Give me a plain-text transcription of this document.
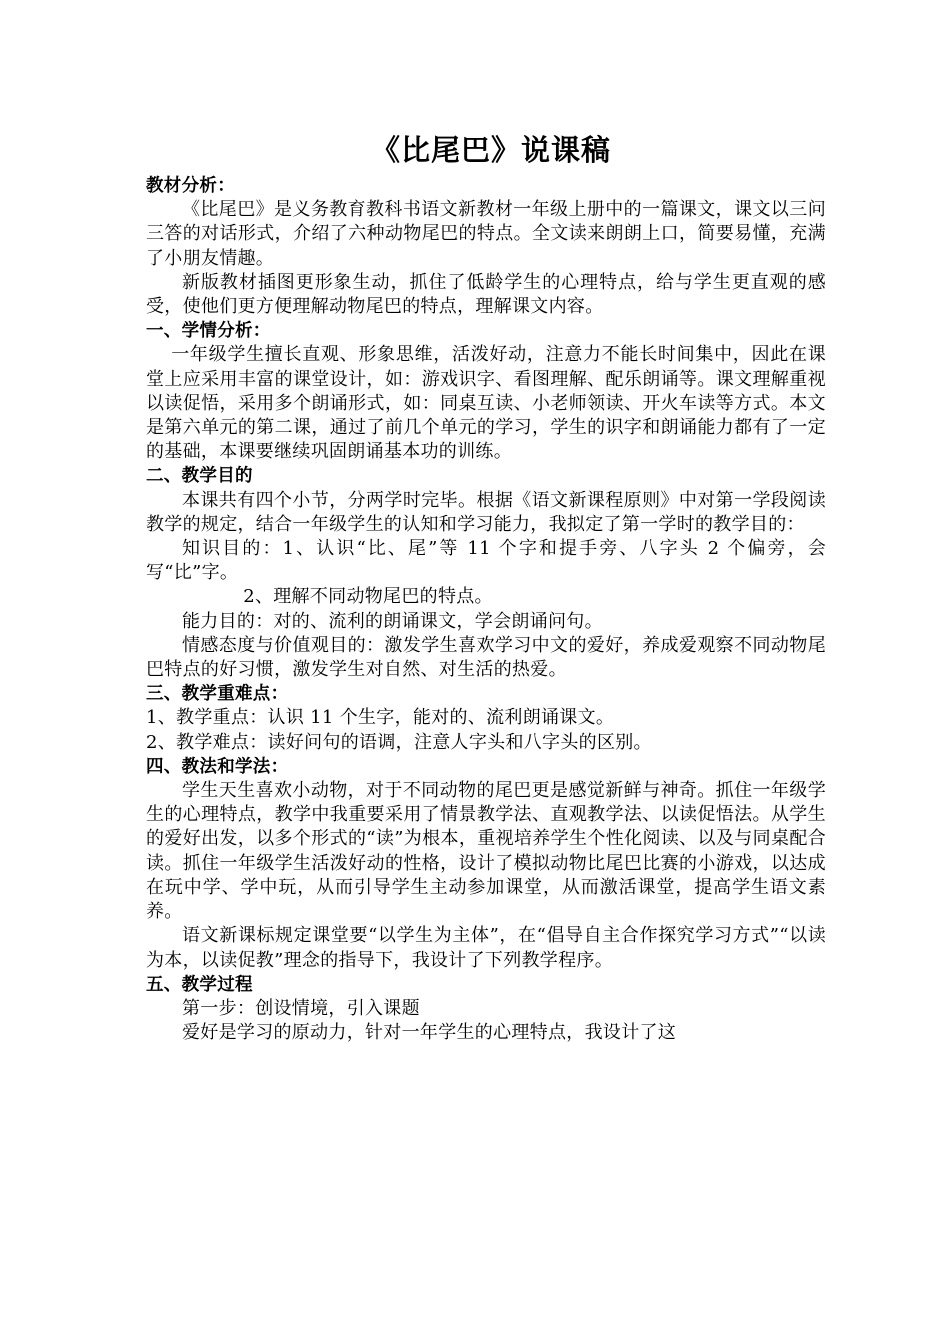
《比尾巴》说课稿

教材分析：

《比尾巴》是义务教育教科书语文新教材一年级上册中的一篇课文，课文以三问三答的对话形式，介绍了六种动物尾巴的特点。全文读来朗朗上口，简要易懂，充满了小朋友情趣。

新版教材插图更形象生动，抓住了低龄学生的心理特点，给与学生更直观的感受，使他们更方便理解动物尾巴的特点，理解课文内容。

一、学情分析：

一年级学生擅长直观、形象思维，活泼好动，注意力不能长时间集中，因此在课堂上应采用丰富的课堂设计，如：游戏识字、看图理解、配乐朗诵等。课文理解重视以读促悟，采用多个朗诵形式，如：同桌互读、小老师领读、开火车读等方式。本文是第六单元的第二课，通过了前几个单元的学习，学生的识字和朗诵能力都有了一定的基础，本课要继续巩固朗诵基本功的训练。

二、教学目的

本课共有四个小节，分两学时完毕。根据《语文新课程原则》中对第一学段阅读教学的规定，结合一年级学生的认知和学习能力，我拟定了第一学时的教学目的：

知识目的：1、认识“比、尾”等 11 个字和提手旁、八字头 2 个偏旁，会写“比”字。

2、理解不同动物尾巴的特点。

能力目的：对的、流利的朗诵课文，学会朗诵问句。

情感态度与价值观目的：激发学生喜欢学习中文的爱好，养成爱观察不同动物尾巴特点的好习惯，激发学生对自然、对生活的热爱。

三、教学重难点：

1、教学重点：认识 11 个生字，能对的、流利朗诵课文。

2、教学难点：读好问句的语调，注意人字头和八字头的区别。

四、教法和学法：

学生天生喜欢小动物，对于不同动物的尾巴更是感觉新鲜与神奇。抓住一年级学生的心理特点，教学中我重要采用了情景教学法、直观教学法、以读促悟法。从学生的爱好出发，以多个形式的“读”为根本，重视培养学生个性化阅读、以及与同桌配合读。抓住一年级学生活泼好动的性格，设计了模拟动物比尾巴比赛的小游戏，以达成在玩中学、学中玩，从而引导学生主动参加课堂，从而激活课堂，提高学生语文素养。

语文新课标规定课堂要“以学生为主体”，在“倡导自主合作探究学习方式”“以读为本，以读促教”理念的指导下，我设计了下列教学程序。

五、教学过程

第一步：创设情境，引入课题

爱好是学习的原动力，针对一年学生的心理特点，我设计了这
